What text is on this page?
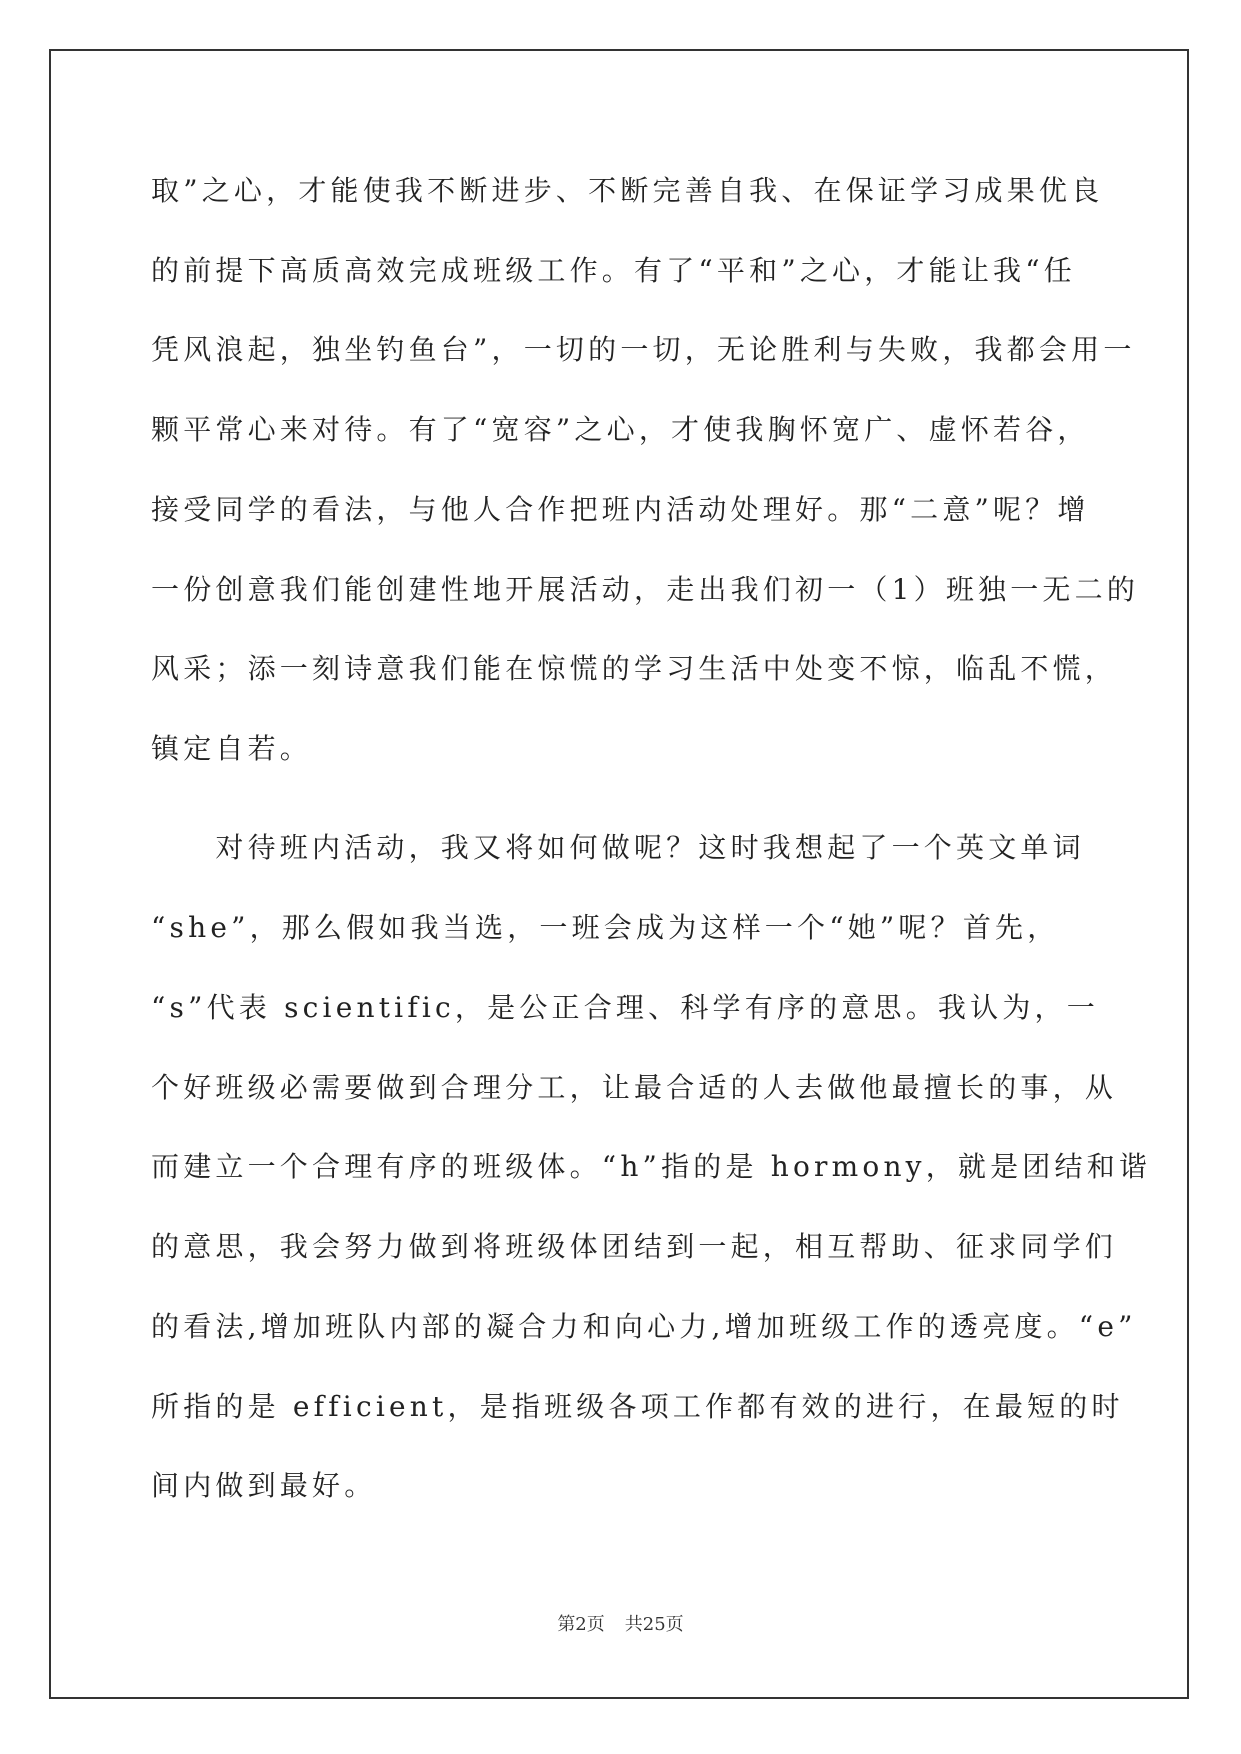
取”之心，才能使我不断进步、不断完善自我、在保证学习成果优良

的前提下高质高效完成班级工作。有了“平和”之心，才能让我“任

凭风浪起，独坐钓鱼台”，一切的一切，无论胜利与失败，我都会用一

颗平常心来对待。有了“宽容”之心，才使我胸怀宽广、虚怀若谷，

接受同学的看法，与他人合作把班内活动处理好。那“二意”呢？增

一份创意我们能创建性地开展活动，走出我们初一（1）班独一无二的

风采；添一刻诗意我们能在惊慌的学习生活中处变不惊，临乱不慌，

镇定自若。

　　对待班内活动，我又将如何做呢？这时我想起了一个英文单词

“she”，那么假如我当选，一班会成为这样一个“她”呢？首先，

“s”代表 scientific，是公正合理、科学有序的意思。我认为，一

个好班级必需要做到合理分工，让最合适的人去做他最擅长的事，从

而建立一个合理有序的班级体。“h”指的是 hormony，就是团结和谐

的意思，我会努力做到将班级体团结到一起，相互帮助、征求同学们

的看法,增加班队内部的凝合力和向心力,增加班级工作的透亮度。“e”

所指的是 efficient，是指班级各项工作都有效的进行，在最短的时

间内做到最好。

第2页 共25页
